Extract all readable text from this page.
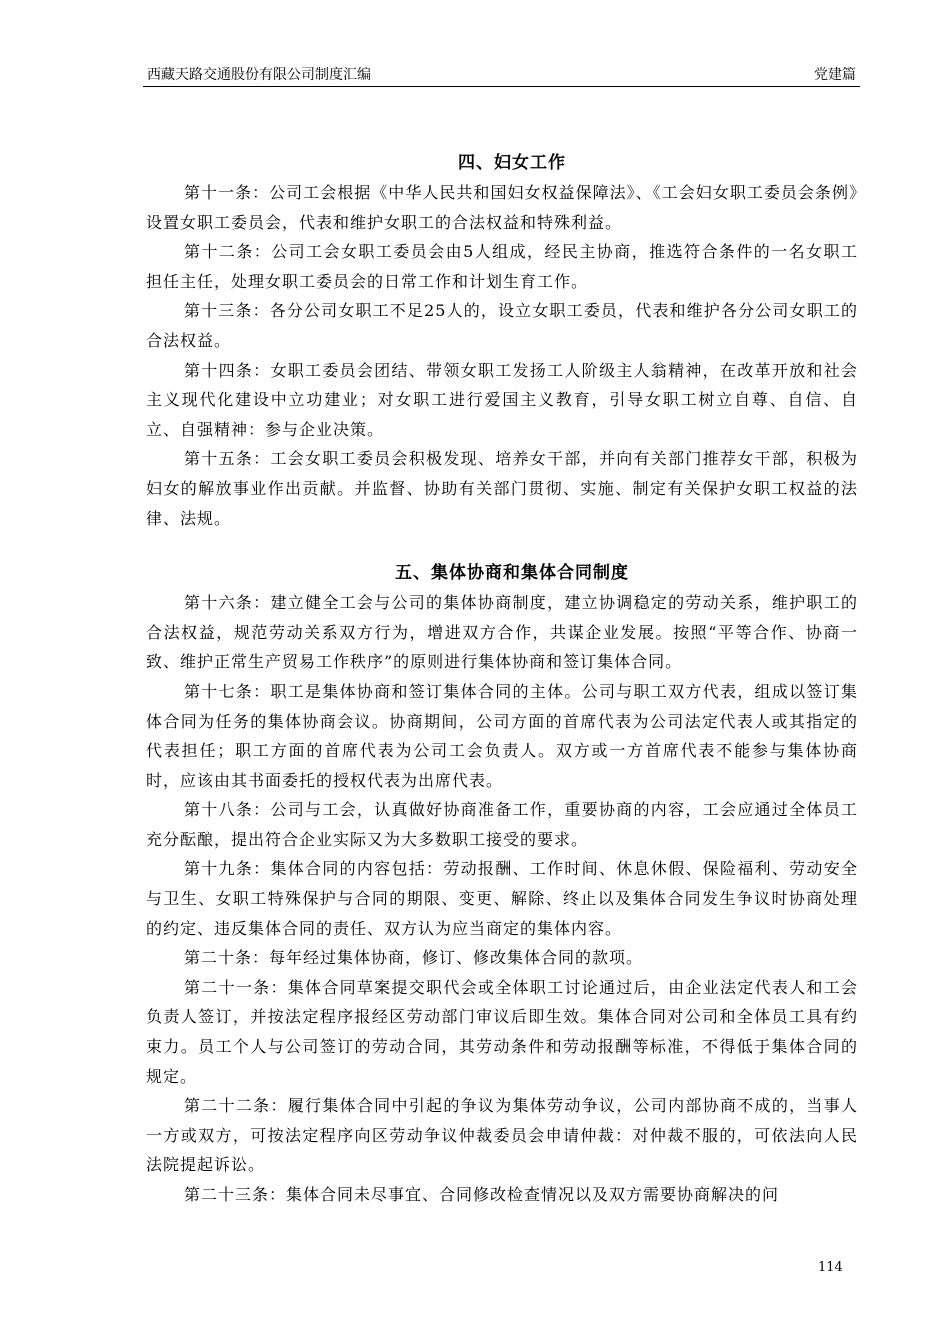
西藏天路交通股份有限公司制度汇编	党建篇
四、妇女工作

第十一条：公司工会根据《中华人民共和国妇女权益保障法》、《工会妇女职工委员会条例》设置女职工委员会，代表和维护女职工的合法权益和特殊利益。

第十二条：公司工会女职工委员会由5人组成，经民主协商，推选符合条件的一名女职工担任主任，处理女职工委员会的日常工作和计划生育工作。

第十三条：各分公司女职工不足25人的，设立女职工委员，代表和维护各分公司女职工的合法权益。

第十四条：女职工委员会团结、带领女职工发扬工人阶级主人翁精神，在改革开放和社会主义现代化建设中立功建业；对女职工进行爱国主义教育，引导女职工树立自尊、自信、自立、自强精神：参与企业决策。

第十五条：工会女职工委员会积极发现、培养女干部，并向有关部门推荐女干部，积极为妇女的解放事业作出贡献。并监督、协助有关部门贯彻、实施、制定有关保护女职工权益的法律、法规。

五、集体协商和集体合同制度

第十六条：建立健全工会与公司的集体协商制度，建立协调稳定的劳动关系，维护职工的合法权益，规范劳动关系双方行为，增进双方合作，共谋企业发展。按照“平等合作、协商一致、维护正常生产贸易工作秩序”的原则进行集体协商和签订集体合同。

第十七条：职工是集体协商和签订集体合同的主体。公司与职工双方代表，组成以签订集体合同为任务的集体协商会议。协商期间，公司方面的首席代表为公司法定代表人或其指定的代表担任；职工方面的首席代表为公司工会负责人。双方或一方首席代表不能参与集体协商时，应该由其书面委托的授权代表为出席代表。

第十八条：公司与工会，认真做好协商准备工作，重要协商的内容，工会应通过全体员工充分酝酿，提出符合企业实际又为大多数职工接受的要求。

第十九条：集体合同的内容包括：劳动报酬、工作时间、休息休假、保险福利、劳动安全与卫生、女职工特殊保护与合同的期限、变更、解除、终止以及集体合同发生争议时协商处理的约定、违反集体合同的责任、双方认为应当商定的集体内容。

第二十条：每年经过集体协商，修订、修改集体合同的款项。

第二十一条：集体合同草案提交职代会或全体职工讨论通过后，由企业法定代表人和工会负责人签订，并按法定程序报经区劳动部门审议后即生效。集体合同对公司和全体员工具有约束力。员工个人与公司签订的劳动合同，其劳动条件和劳动报酬等标准，不得低于集体合同的规定。

第二十二条：履行集体合同中引起的争议为集体劳动争议，公司内部协商不成的，当事人一方或双方，可按法定程序向区劳动争议仲裁委员会申请仲裁：对仲裁不服的，可依法向人民法院提起诉讼。

第二十三条：集体合同未尽事宜、合同修改检查情况以及双方需要协商解决的问

114
